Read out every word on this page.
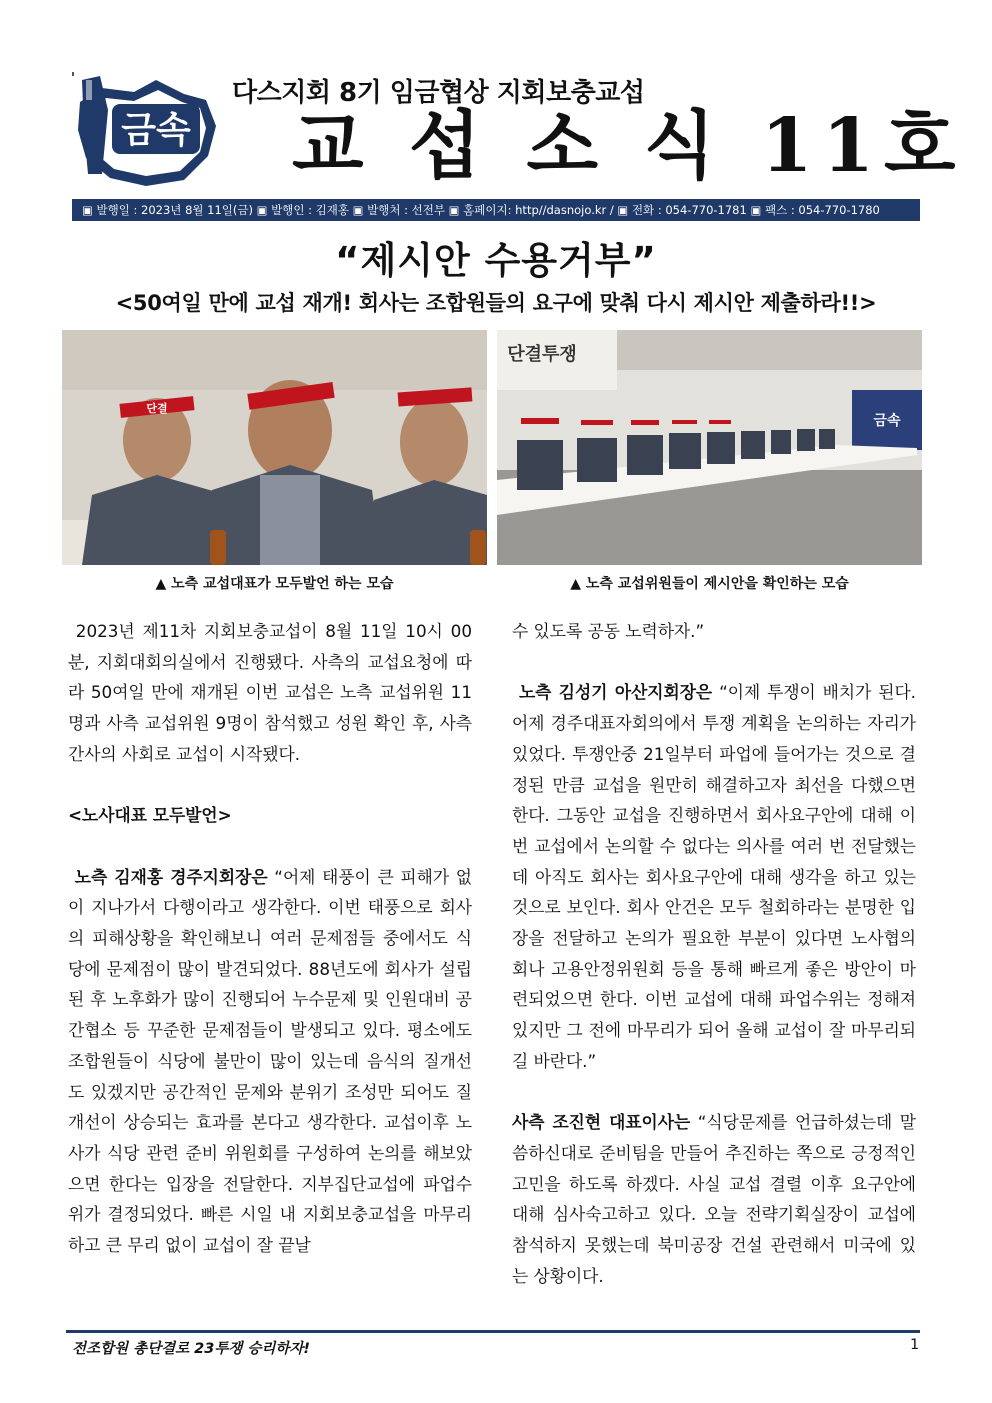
금속
다스지회 8기 임금협상 지회보충교섭
교 섭 소 식 11호
▣ 발행일 : 2023년 8월 11일(금) ▣ 발행인 : 김재홍 ▣ 발행처 : 선전부 ▣ 홈페이지: http//dasnojo.kr / ▣ 전화 : 054-770-1781 ▣ 팩스 : 054-770-1780
“제시안 수용거부”
<50여일 만에 교섭 재개! 회사는 조합원들의 요구에 맞춰 다시 제시안 제출하라!!>
단결
단결투쟁
금속
▲ 노측 교섭대표가 모두발언 하는 모습	▲ 노측 교섭위원들이 제시안을 확인하는 모습

2023년 제11차 지회보충교섭이 8월 11일 10시 00분, 지회대회의실에서 진행됐다. 사측의 교섭요청에 따라 50여일 만에 재개된 이번 교섭은 노측 교섭위원 11명과 사측 교섭위원 9명이 참석했고 성원 확인 후, 사측 간사의 사회로 교섭이 시작됐다.

<노사대표 모두발언>

노측 김재홍 경주지회장은 “어제 태풍이 큰 피해가 없이 지나가서 다행이라고 생각한다. 이번 태풍으로 회사의 피해상황을 확인해보니 여러 문제점들 중에서도 식당에 문제점이 많이 발견되었다. 88년도에 회사가 설립된 후 노후화가 많이 진행되어 누수문제 및 인원대비 공간협소 등 꾸준한 문제점들이 발생되고 있다. 평소에도 조합원들이 식당에 불만이 많이 있는데 음식의 질개선도 있겠지만 공간적인 문제와 분위기 조성만 되어도 질개선이 상승되는 효과를 본다고 생각한다. 교섭이후 노사가 식당 관련 준비 위원회를 구성하여 논의를 해보았으면 한다는 입장을 전달한다. 지부집단교섭에 파업수위가 결정되었다. 빠른 시일 내 지회보충교섭을 마무리하고 큰 무리 없이 교섭이 잘 끝날

수 있도록 공동 노력하자.”

노측 김성기 아산지회장은 “이제 투쟁이 배치가 된다. 어제 경주대표자회의에서 투쟁 계획을 논의하는 자리가 있었다. 투쟁안중 21일부터 파업에 들어가는 것으로 결정된 만큼 교섭을 원만히 해결하고자 최선을 다했으면 한다. 그동안 교섭을 진행하면서 회사요구안에 대해 이번 교섭에서 논의할 수 없다는 의사를 여러 번 전달했는데 아직도 회사는 회사요구안에 대해 생각을 하고 있는 것으로 보인다. 회사 안건은 모두 철회하라는 분명한 입장을 전달하고 논의가 필요한 부분이 있다면 노사협의회나 고용안정위원회 등을 통해 빠르게 좋은 방안이 마련되었으면 한다. 이번 교섭에 대해 파업수위는 정해져 있지만 그 전에 마무리가 되어 올해 교섭이 잘 마무리되길 바란다.”

사측 조진현 대표이사는 “식당문제를 언급하셨는데 말씀하신대로 준비팀을 만들어 추진하는 쪽으로 긍정적인 고민을 하도록 하겠다. 사실 교섭 결렬 이후 요구안에 대해 심사숙고하고 있다. 오늘 전략기획실장이 교섭에 참석하지 못했는데 북미공장 건설 관련해서 미국에 있는 상황이다.

전조합원 총단결로 23투쟁 승리하자!	1
